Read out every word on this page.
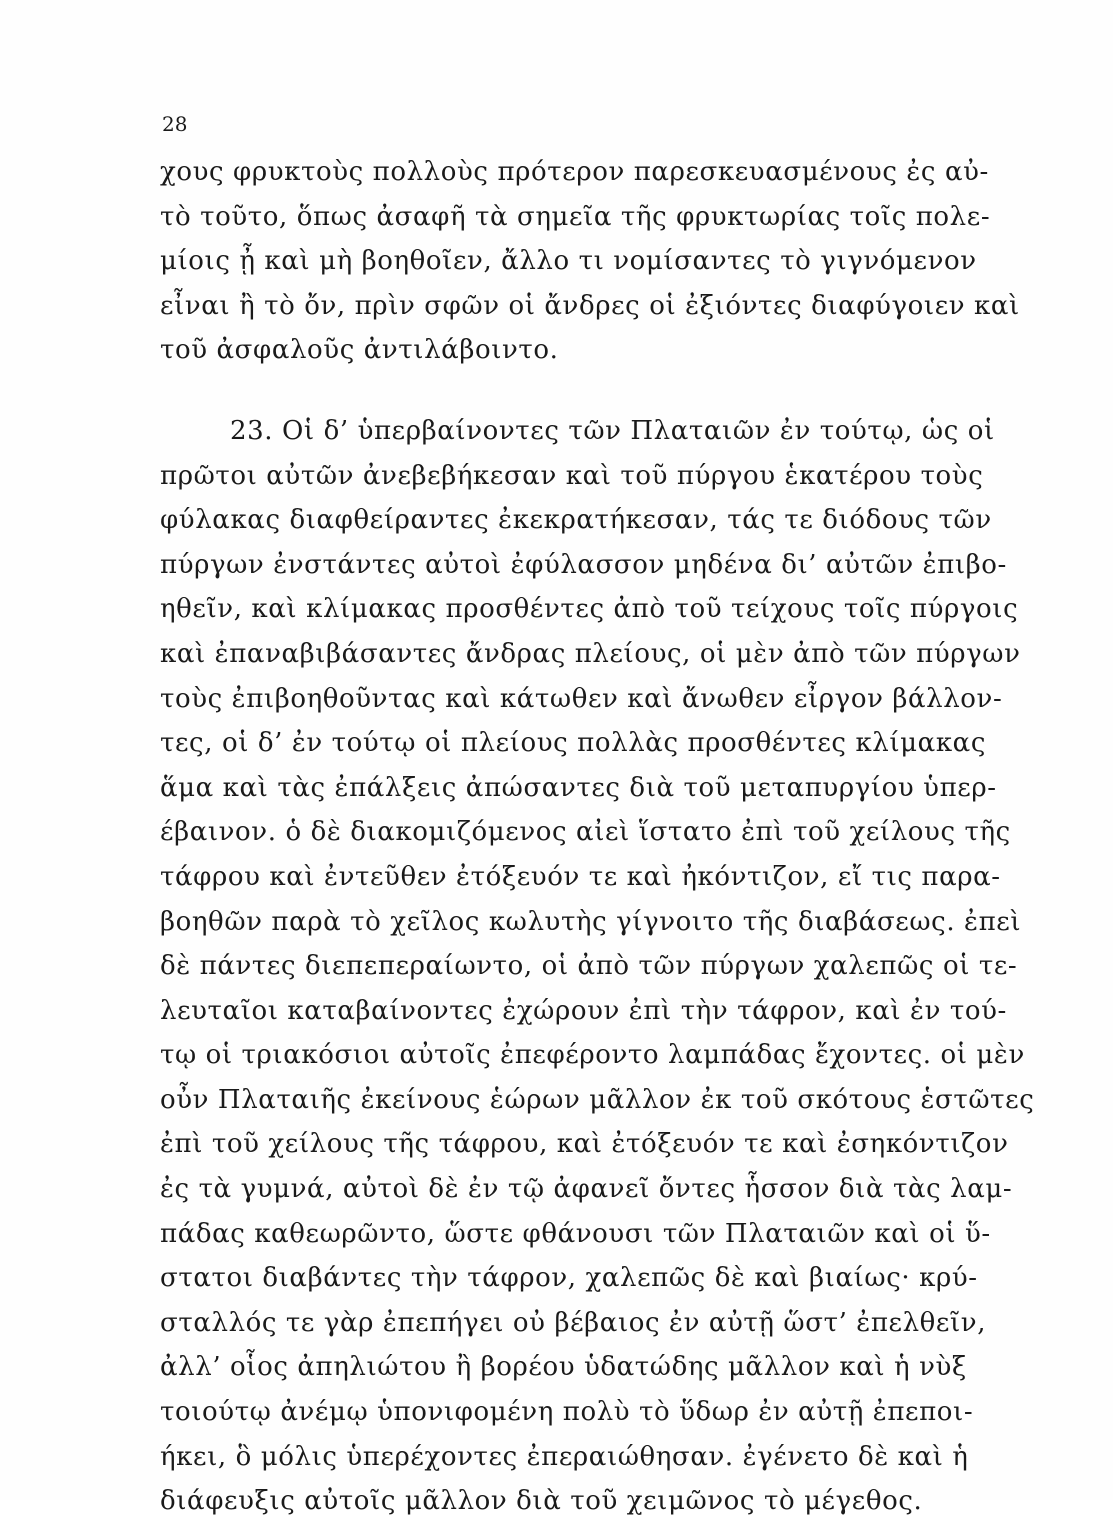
28
χους φρυκτοὺς πολλοὺς πρότερον παρεσκευασμένους ἐς αὐ-
τὸ τοῦτο, ὅπως ἀσαφῆ τὰ σημεῖα τῆς φρυκτωρίας τοῖς πολε-
μίοις ᾖ καὶ μὴ βοηθοῖεν, ἄλλο τι νομίσαντες τὸ γιγνόμενον
εἶναι ἢ τὸ ὄν, πρὶν σφῶν οἱ ἄνδρες οἱ ἐξιόντες διαφύγοιεν καὶ
τοῦ ἀσφαλοῦς ἀντιλάβοιντο.
23. Οἱ δ’ ὑπερβαίνοντες τῶν Πλαταιῶν ἐν τούτῳ, ὡς οἱ
πρῶτοι αὐτῶν ἀνεβεβήκεσαν καὶ τοῦ πύργου ἑκατέρου τοὺς
φύλακας διαφθείραντες ἐκεκρατήκεσαν, τάς τε διόδους τῶν
πύργων ἐνστάντες αὐτοὶ ἐφύλασσον μηδένα δι’ αὐτῶν ἐπιβο-
ηθεῖν, καὶ κλίμακας προσθέντες ἀπὸ τοῦ τείχους τοῖς πύργοις
καὶ ἐπαναβιβάσαντες ἄνδρας πλείους, οἱ μὲν ἀπὸ τῶν πύργων
τοὺς ἐπιβοηθοῦντας καὶ κάτωθεν καὶ ἄνωθεν εἶργον βάλλον-
τες, οἱ δ’ ἐν τούτῳ οἱ πλείους πολλὰς προσθέντες κλίμακας
ἅμα καὶ τὰς ἐπάλξεις ἀπώσαντες διὰ τοῦ μεταπυργίου ὑπερ-
έβαινον. ὁ δὲ διακομιζόμενος αἰεὶ ἵστατο ἐπὶ τοῦ χείλους τῆς
τάφρου καὶ ἐντεῦθεν ἐτόξευόν τε καὶ ἠκόντιζον, εἴ τις παρα-
βοηθῶν παρὰ τὸ χεῖλος κωλυτὴς γίγνοιτο τῆς διαβάσεως. ἐπεὶ
δὲ πάντες διεπεπεραίωντο, οἱ ἀπὸ τῶν πύργων χαλεπῶς οἱ τε-
λευταῖοι καταβαίνοντες ἐχώρουν ἐπὶ τὴν τάφρον, καὶ ἐν τού-
τῳ οἱ τριακόσιοι αὐτοῖς ἐπεφέροντο λαμπάδας ἔχοντες. οἱ μὲν
οὖν Πλαταιῆς ἐκείνους ἑώρων μᾶλλον ἐκ τοῦ σκότους ἑστῶτες
ἐπὶ τοῦ χείλους τῆς τάφρου, καὶ ἐτόξευόν τε καὶ ἐσηκόντιζον
ἐς τὰ γυμνά, αὐτοὶ δὲ ἐν τῷ ἀφανεῖ ὄντες ἧσσον διὰ τὰς λαμ-
πάδας καθεωρῶντο, ὥστε φθάνουσι τῶν Πλαταιῶν καὶ οἱ ὕ-
στατοι διαβάντες τὴν τάφρον, χαλεπῶς δὲ καὶ βιαίως· κρύ-
σταλλός τε γὰρ ἐπεπήγει οὐ βέβαιος ἐν αὐτῇ ὥστ’ ἐπελθεῖν,
ἀλλ’ οἷος ἀπηλιώτου ἢ βορέου ὑδατώδης μᾶλλον καὶ ἡ νὺξ
τοιούτῳ ἀνέμῳ ὑπονιφομένη πολὺ τὸ ὕδωρ ἐν αὐτῇ ἐπεποι-
ήκει, ὃ μόλις ὑπερέχοντες ἐπεραιώθησαν. ἐγένετο δὲ καὶ ἡ
διάφευξις αὐτοῖς μᾶλλον διὰ τοῦ χειμῶνος τὸ μέγεθος.
